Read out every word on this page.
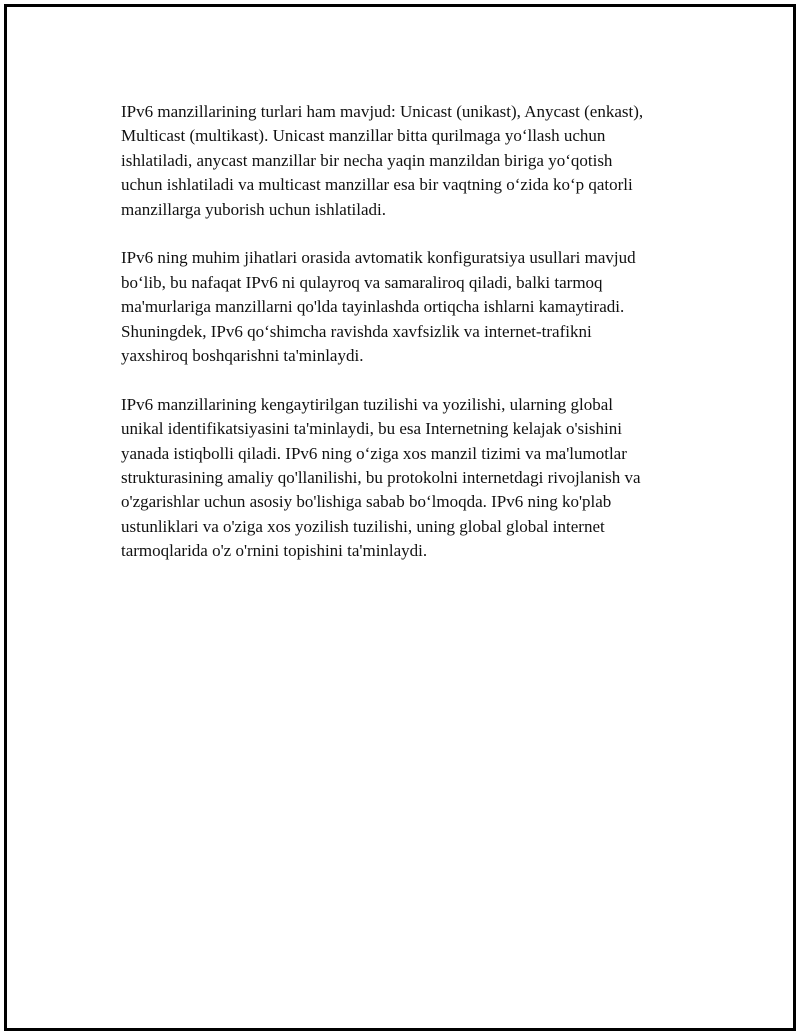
IPv6 manzillarining turlari ham mavjud: Unicast (unikast), Anycast (enkast),
Multicast (multikast). Unicast manzillar bitta qurilmaga yo‘llash uchun
ishlatiladi, anycast manzillar bir necha yaqin manzildan biriga yo‘qotish
uchun ishlatiladi va multicast manzillar esa bir vaqtning o‘zida ko‘p qatorli
manzillarga yuborish uchun ishlatiladi.

IPv6 ning muhim jihatlari orasida avtomatik konfiguratsiya usullari mavjud
bo‘lib, bu nafaqat IPv6 ni qulayroq va samaraliroq qiladi, balki tarmoq
ma'murlariga manzillarni qo'lda tayinlashda ortiqcha ishlarni kamaytiradi.
Shuningdek, IPv6 qo‘shimcha ravishda xavfsizlik va internet-trafikni
yaxshiroq boshqarishni ta'minlaydi.

IPv6 manzillarining kengaytirilgan tuzilishi va yozilishi, ularning global
unikal identifikatsiyasini ta'minlaydi, bu esa Internetning kelajak o'sishini
yanada istiqbolli qiladi. IPv6 ning o‘ziga xos manzil tizimi va ma'lumotlar
strukturasining amaliy qo'llanilishi, bu protokolni internetdagi rivojlanish va
o'zgarishlar uchun asosiy bo'lishiga sabab bo‘lmoqda. IPv6 ning ko'plab
ustunliklari va o'ziga xos yozilish tuzilishi, uning global global internet
tarmoqlarida o'z o'rnini topishini ta'minlaydi.
